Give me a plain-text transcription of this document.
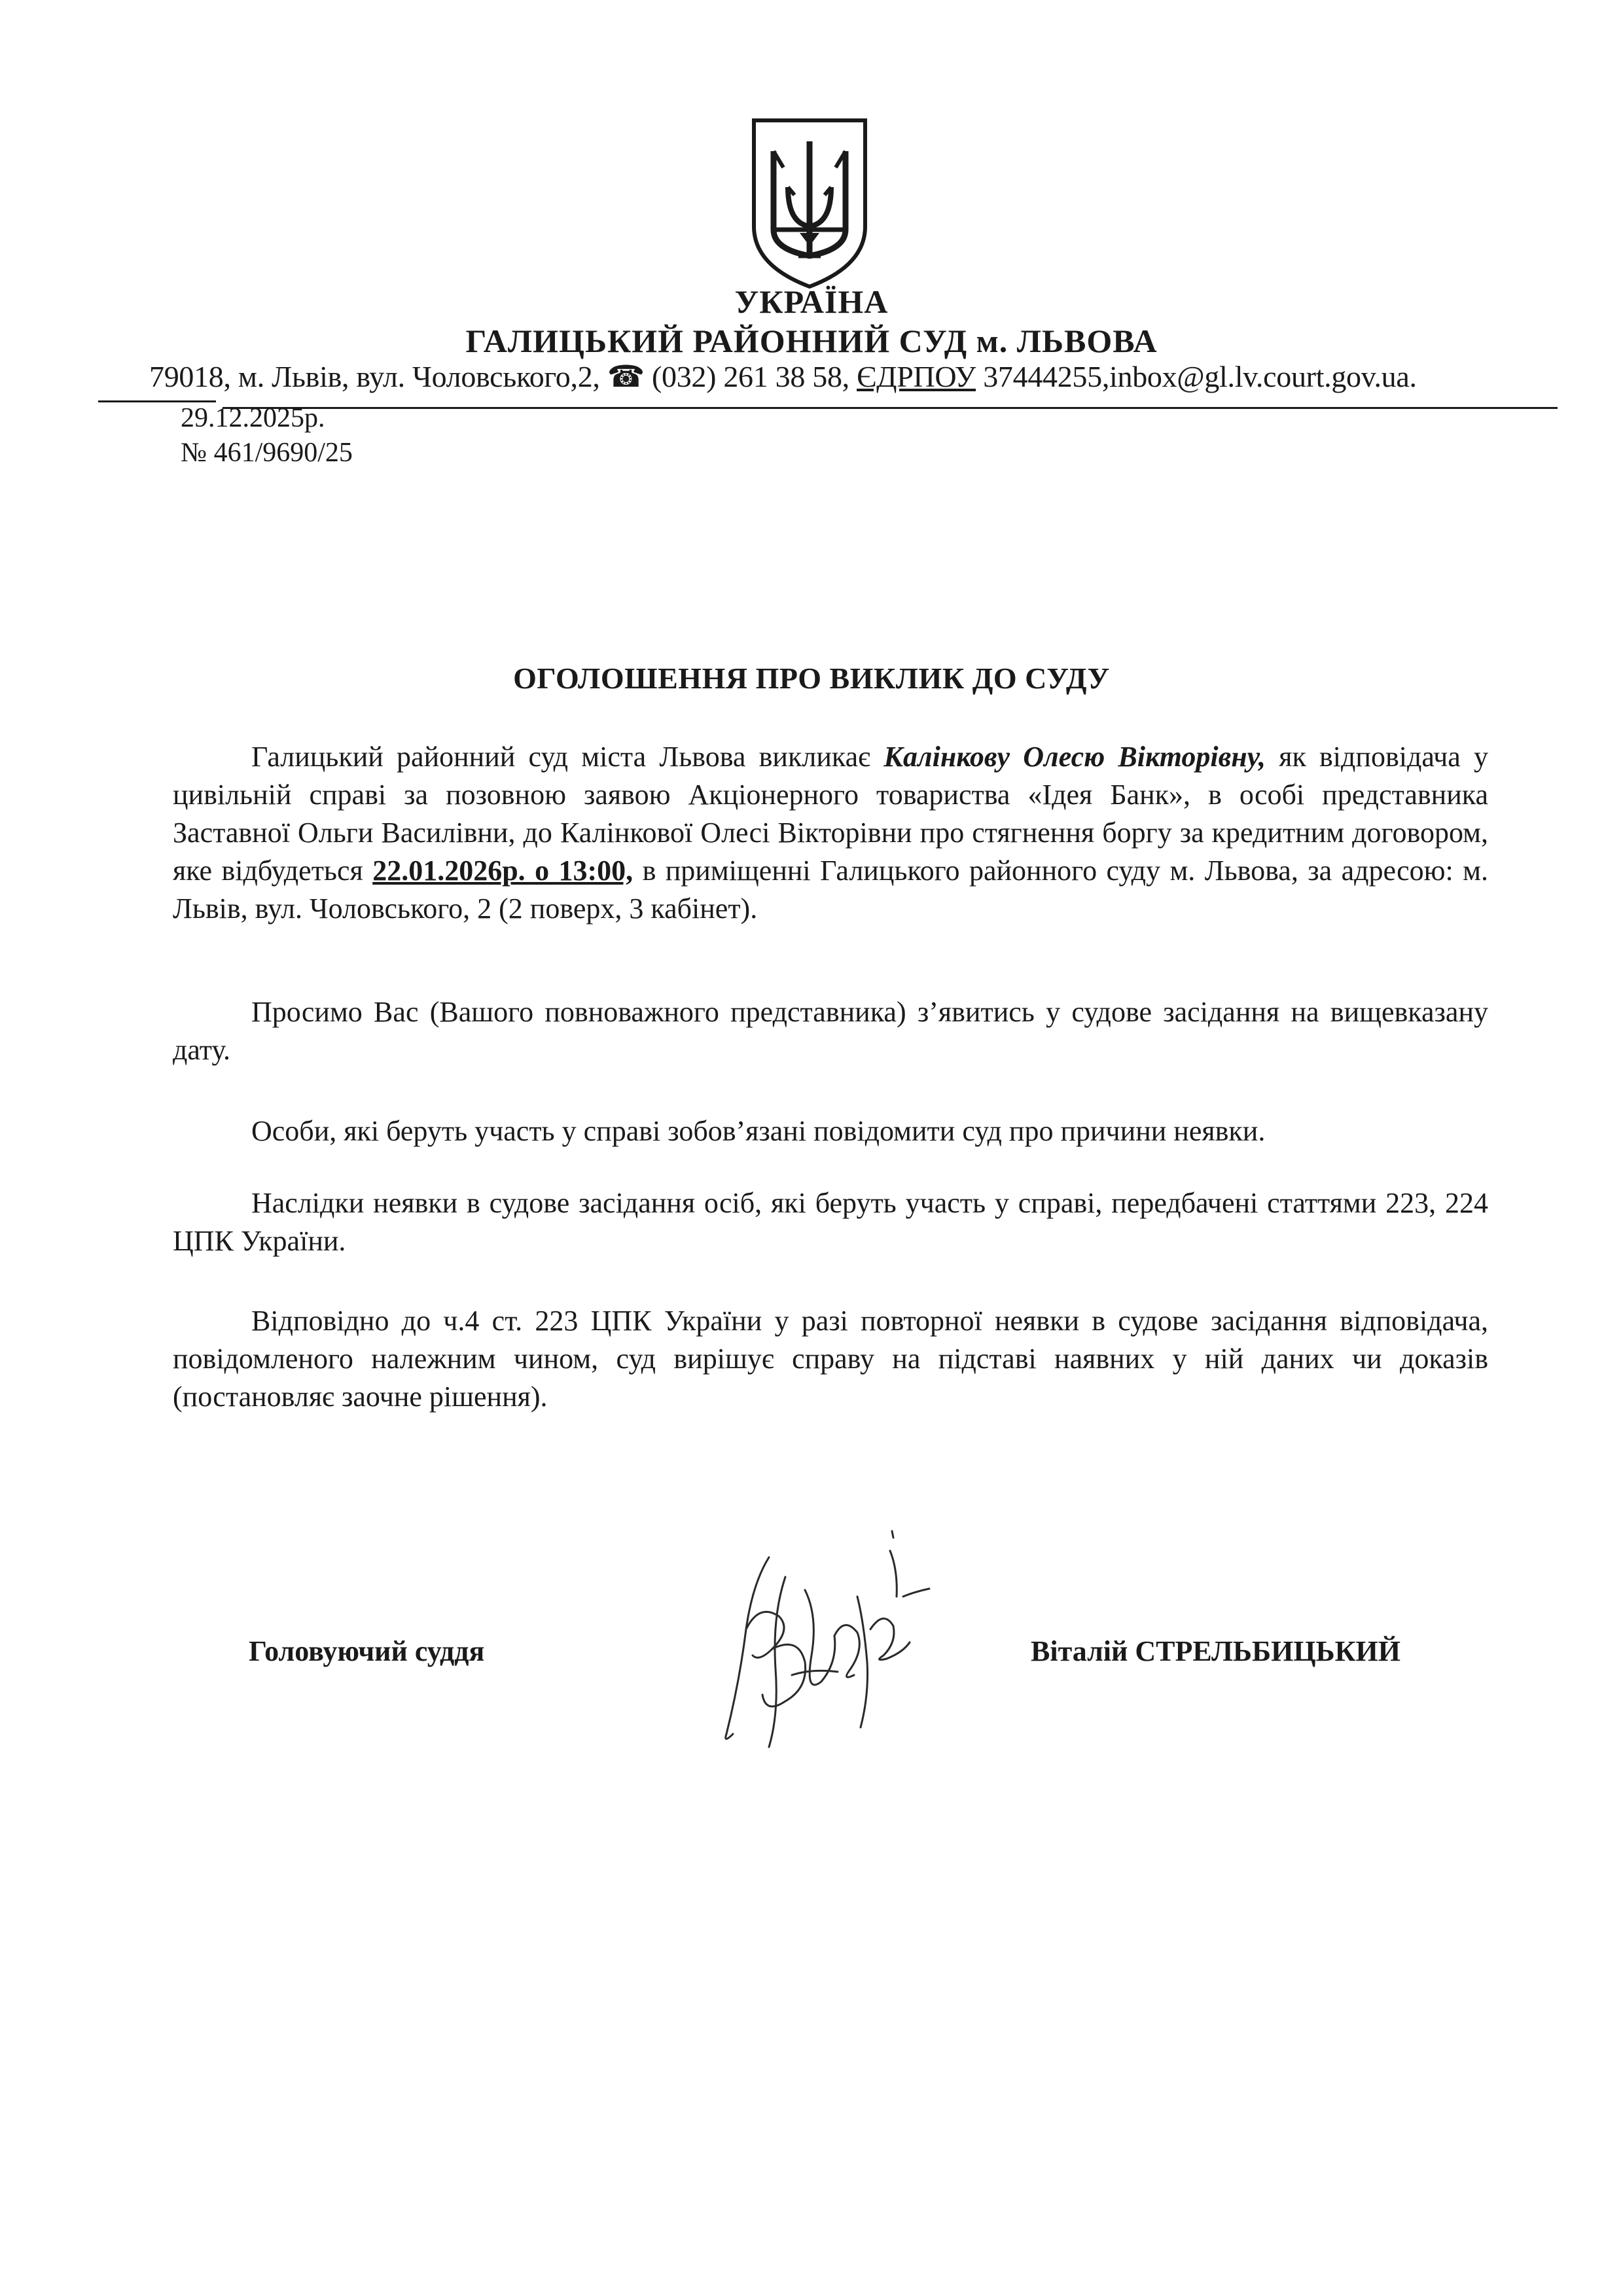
УКРАЇНА
ГАЛИЦЬКИЙ РАЙОННИЙ СУД м. ЛЬВОВА
79018, м. Львів, вул. Чоловського,2, ☎ (032) 261 38 58, ЄДРПОУ 37444255,inbox@gl.lv.court.gov.ua.
29.12.2025р.
№ 461/9690/25
ОГОЛОШЕННЯ ПРО ВИКЛИК ДО СУДУ

Галицький районний суд міста Львова викликає Калінкову Олесю Вікторівну, як відповідача у цивільній справі за позовною заявою Акціонерного товариства «Ідея Банк», в особі представника Заставної Ольги Василівни, до Калінкової Олесі Вікторівни про стягнення боргу за кредитним договором, яке відбудеться 22.01.2026р. о 13:00, в приміщенні Галицького районного суду м. Львова, за адресою: м. Львів, вул. Чоловського, 2 (2 поверх, 3 кабінет).

Просимо Вас (Вашого повноважного представника) з’явитись у судове засідання на вищевказану дату.

Особи, які беруть участь у справі зобов’язані повідомити суд про причини неявки.

Наслідки неявки в судове засідання осіб, які беруть участь у справі, передбачені статтями 223, 224 ЦПК України.

Відповідно до ч.4 ст. 223 ЦПК України у разі повторної неявки в судове засідання відповідача, повідомленого належним чином, суд вирішує справу на підставі наявних у ній даних чи доказів (постановляє заочне рішення).

Головуючий суддя	Віталій СТРЕЛЬБИЦЬКИЙ
